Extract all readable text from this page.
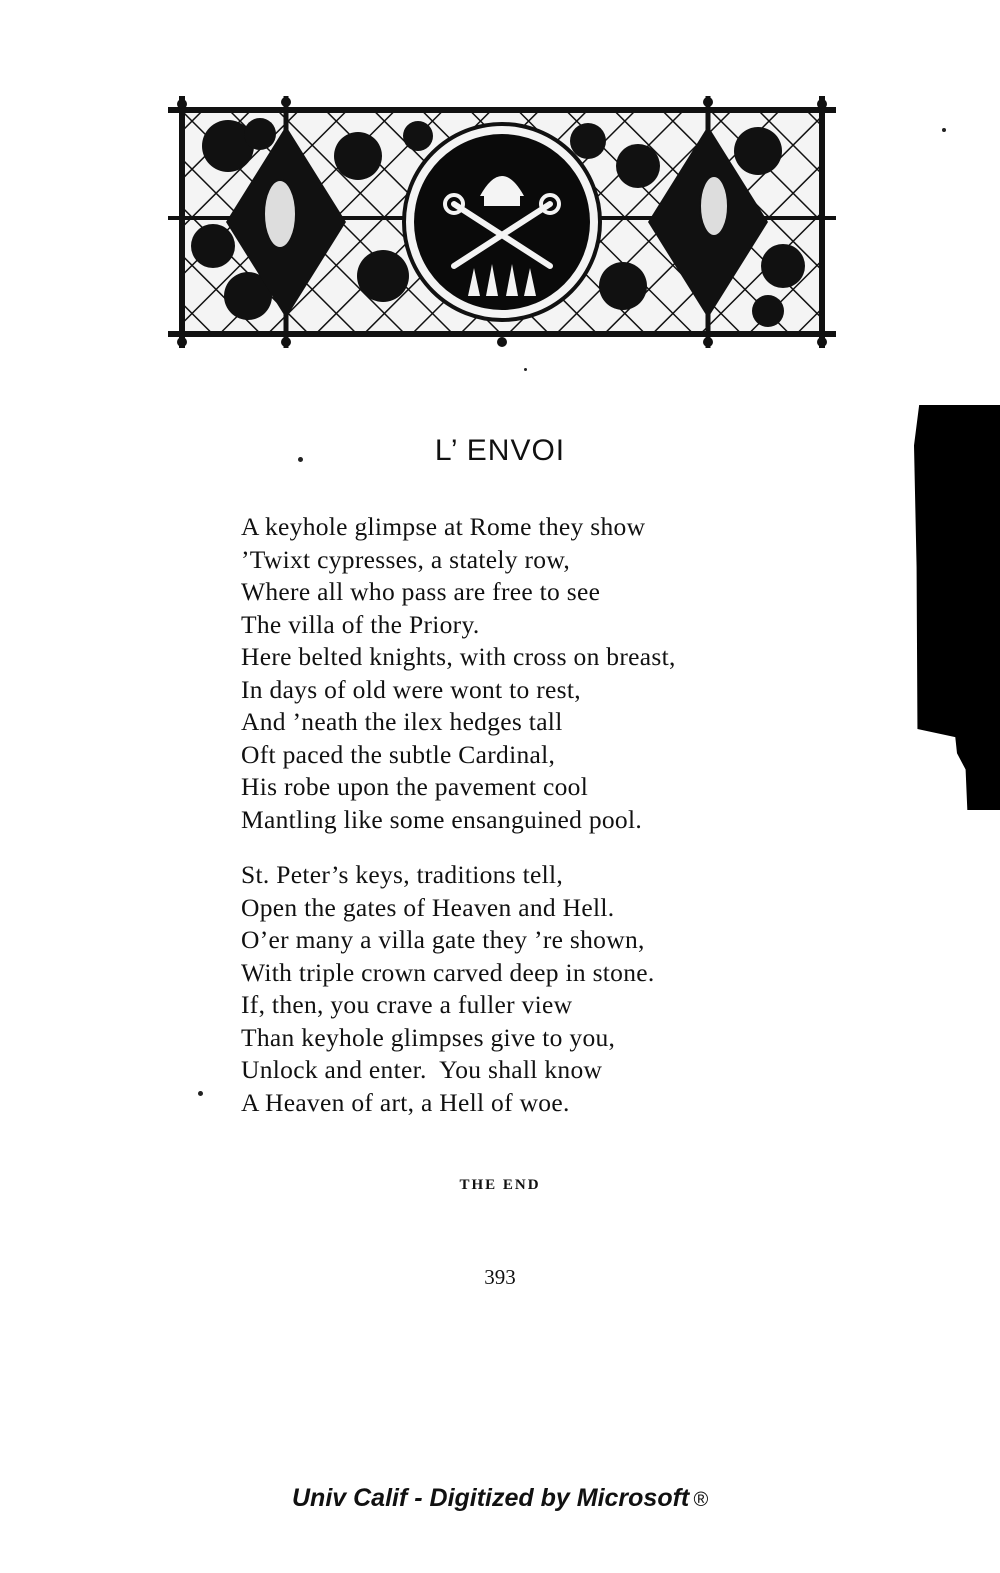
L’ ENVOI
A keyhole glimpse at Rome they show
’Twixt cypresses, a stately row,
Where all who pass are free to see
The villa of the Priory.
Here belted knights, with cross on breast,
In days of old were wont to rest,
And ’neath the ilex hedges tall
Oft paced the subtle Cardinal,
His robe upon the pavement cool
Mantling like some ensanguined pool.
St. Peter’s keys, traditions tell,
Open the gates of Heaven and Hell.
O’er many a villa gate they ’re shown,
With triple crown carved deep in stone.
If, then, you crave a fuller view
Than keyhole glimpses give to you,
Unlock and enter.  You shall know
A Heaven of art, a Hell of woe.

THE END

393

Univ Calif - Digitized by Microsoft ®
